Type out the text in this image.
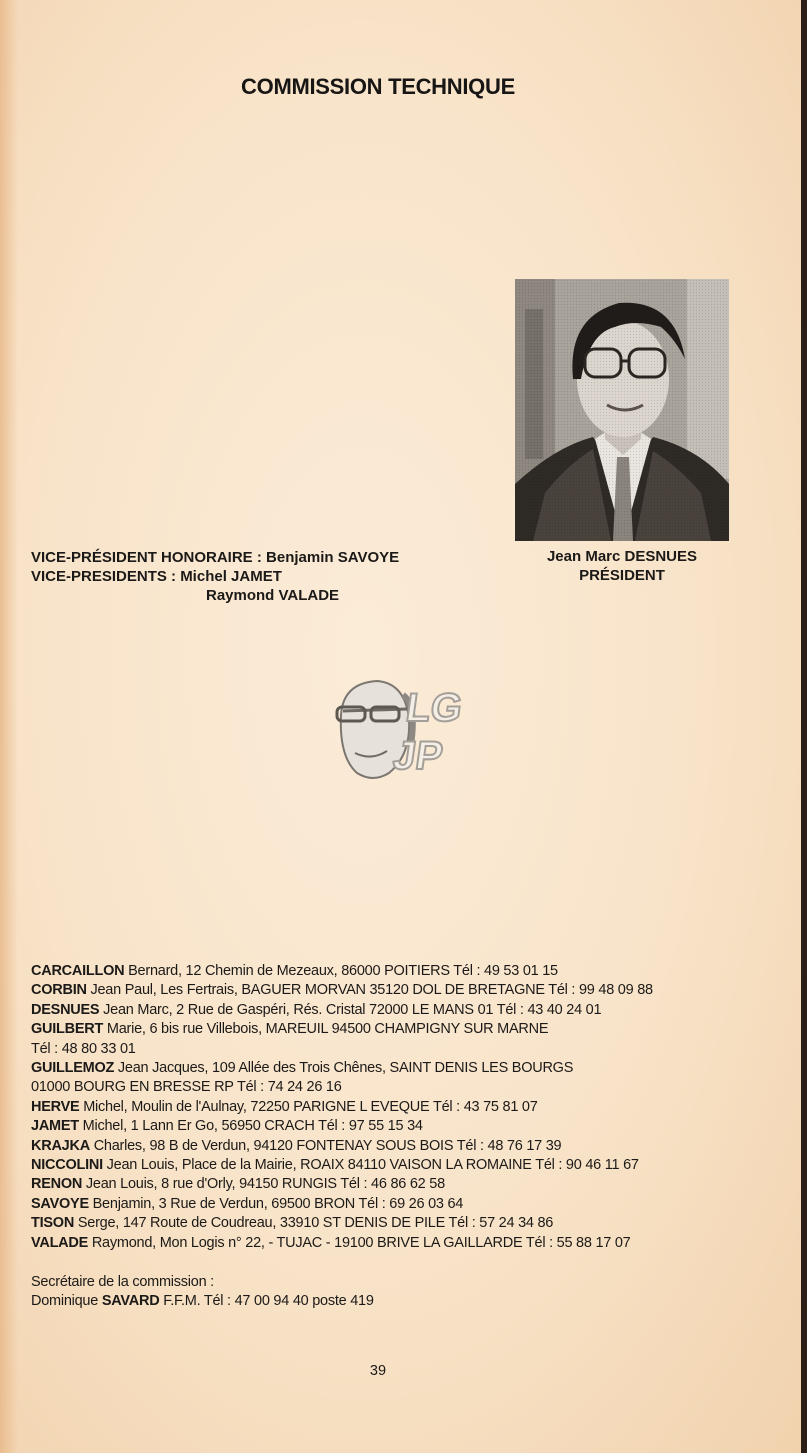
COMMISSION TECHNIQUE
Jean Marc DESNUES
PRÉSIDENT
VICE-PRÉSIDENT HONORAIRE : Benjamin SAVOYE
VICE-PRESIDENTS : Michel JAMET
Raymond VALADE
LG
JP
CARCAILLON Bernard, 12 Chemin de Mezeaux, 86000 POITIERS Tél : 49 53 01 15
CORBIN Jean Paul, Les Fertrais, BAGUER MORVAN 35120 DOL DE BRETAGNE Tél : 99 48 09 88
DESNUES Jean Marc, 2 Rue de Gaspéri, Rés. Cristal 72000 LE MANS 01 Tél : 43 40 24 01
GUILBERT Marie, 6 bis rue Villebois, MAREUIL 94500 CHAMPIGNY SUR MARNE
Tél : 48 80 33 01
GUILLEMOZ Jean Jacques, 109 Allée des Trois Chênes, SAINT DENIS LES BOURGS
01000 BOURG EN BRESSE RP Tél : 74 24 26 16
HERVE Michel, Moulin de l'Aulnay, 72250 PARIGNE L EVEQUE Tél : 43 75 81 07
JAMET Michel, 1 Lann Er Go, 56950 CRACH Tél : 97 55 15 34
KRAJKA Charles, 98 B de Verdun, 94120 FONTENAY SOUS BOIS Tél : 48 76 17 39
NICCOLINI Jean Louis, Place de la Mairie, ROAIX 84110 VAISON LA ROMAINE Tél : 90 46 11 67
RENON Jean Louis, 8 rue d'Orly, 94150 RUNGIS Tél : 46 86 62 58
SAVOYE Benjamin, 3 Rue de Verdun, 69500 BRON Tél : 69 26 03 64
TISON Serge, 147 Route de Coudreau, 33910 ST DENIS DE PILE Tél : 57 24 34 86
VALADE Raymond, Mon Logis n° 22, - TUJAC - 19100 BRIVE LA GAILLARDE Tél : 55 88 17 07
Secrétaire de la commission :
Dominique SAVARD F.F.M. Tél : 47 00 94 40 poste 419
39
